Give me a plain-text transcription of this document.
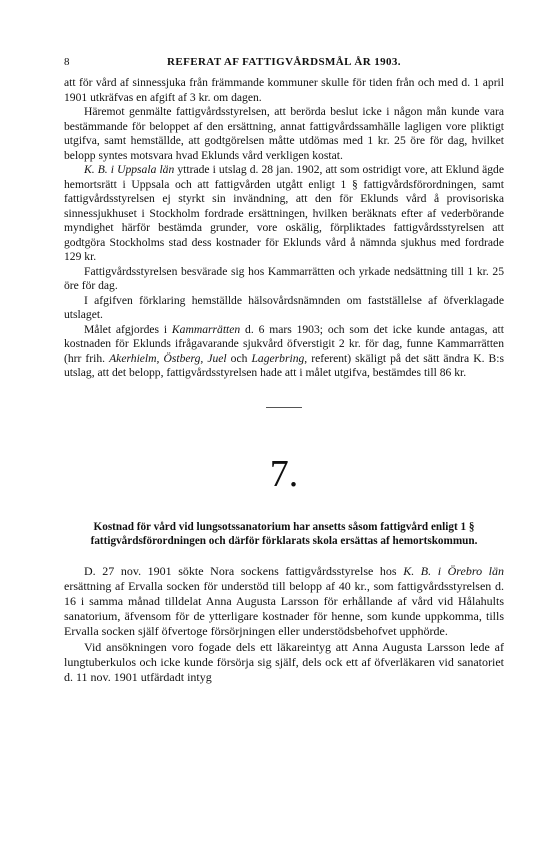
8	REFERAT AF FATTIGVÅRDSMÅL ÅR 1903.

att för vård af sinnessjuka från främmande kommuner skulle för tiden från och med d. 1 april 1901 utkräfvas en afgift af 3 kr. om dagen.

Häremot genmälte fattigvårdsstyrelsen, att berörda beslut icke i någon mån kunde vara bestämmande för beloppet af den ersättning, annat fattigvårdssamhälle lagligen vore pliktigt utgifva, samt hemställde, att godtgörelsen måtte utdömas med 1 kr. 25 öre för dag, hvilket belopp syntes motsvara hvad Eklunds vård verkligen kostat.

K. B. i Uppsala län yttrade i utslag d. 28 jan. 1902, att som ostridigt vore, att Eklund ägde hemortsrätt i Uppsala och att fattigvården utgått enligt 1 § fattigvårdsförordningen, samt fattigvårdsstyrelsen ej styrkt sin invändning, att den för Eklunds vård å provisoriska sinnessjukhuset i Stockholm fordrade ersättningen, hvilken beräknats efter af vederbörande myndighet härför bestämda grunder, vore oskälig, förpliktades fattigvårdsstyrelsen att godtgöra Stockholms stad dess kostnader för Eklunds vård å nämnda sjukhus med fordrade 129 kr.

Fattigvårdsstyrelsen besvärade sig hos Kammarrätten och yrkade nedsättning till 1 kr. 25 öre för dag.

I afgifven förklaring hemställde hälsovårdsnämnden om fastställelse af öfverklagade utslaget.

Målet afgjordes i Kammarrätten d. 6 mars 1903; och som det icke kunde antagas, att kostnaden för Eklunds ifrågavarande sjukvård öfverstigit 2 kr. för dag, funne Kammarrätten (hrr frih. Akerhielm, Östberg, Juel och Lagerbring, referent) skäligt på det sätt ändra K. B:s utslag, att det belopp, fattigvårdsstyrelsen hade att i målet utgifva, bestämdes till 86 kr.

7.
Kostnad för vård vid lungsotssanatorium har ansetts såsom fattigvård enligt 1 § fattigvårdsförordningen och därför förklarats skola ersättas af hemortskommun.

D. 27 nov. 1901 sökte Nora sockens fattigvårdsstyrelse hos K. B. i Örebro län ersättning af Ervalla socken för understöd till belopp af 40 kr., som fattigvårdsstyrelsen d. 16 i samma månad tilldelat Anna Augusta Larsson för erhållande af vård vid Hålahults sanatorium, äfvensom för de ytterligare kostnader för henne, som kunde uppkomma, tills Ervalla socken själf öfvertoge försörjningen eller understödsbehofvet upphörde.

Vid ansökningen voro fogade dels ett läkareintyg att Anna Augusta Larsson lede af lungtuberkulos och icke kunde försörja sig själf, dels ock ett af öfverläkaren vid sanatoriet d. 11 nov. 1901 utfärdadt intyg
